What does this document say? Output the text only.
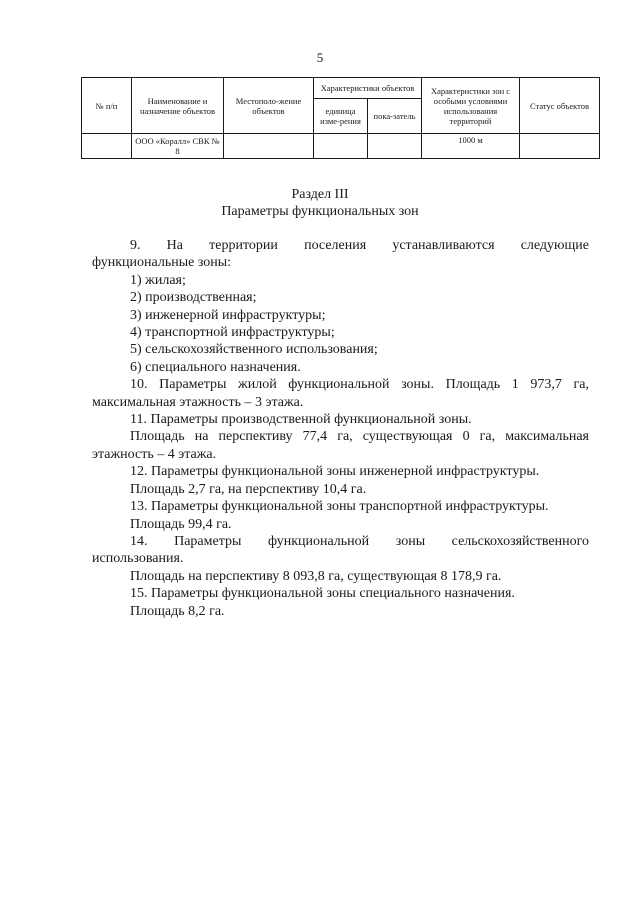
5
№ п/п	Наименование и назначение объектов	Местополо-жение объектов	Характеристики объектов		Характеристики зон с особыми условиями использования территорий	Статус объектов
			единица изме-рения	пока-затель		
	ООО «Коралл» СВК № 8				1000 м	
Раздел III
Параметры функциональных зон

9. На территории поселения устанавливаются следующие

функциональные зоны:

1) жилая;

2) производственная;

3) инженерной инфраструктуры;

4) транспортной инфраструктуры;

5) сельскохозяйственного использования;

6) специального назначения.

10. Параметры жилой функциональной зоны. Площадь 1 973,7 га,

максимальная этажность – 3 этажа.

11. Параметры производственной функциональной зоны.

Площадь на перспективу 77,4 га, существующая 0 га, максимальная

этажность – 4 этажа.

12. Параметры функциональной зоны инженерной инфраструктуры.

Площадь 2,7 га, на перспективу 10,4 га.

13. Параметры функциональной зоны транспортной инфраструктуры.

Площадь 99,4 га.

14. Параметры функциональной зоны сельскохозяйственного

использования.

Площадь на перспективу 8 093,8 га, существующая 8 178,9 га.

15. Параметры функциональной зоны специального назначения.

Площадь 8,2 га.
